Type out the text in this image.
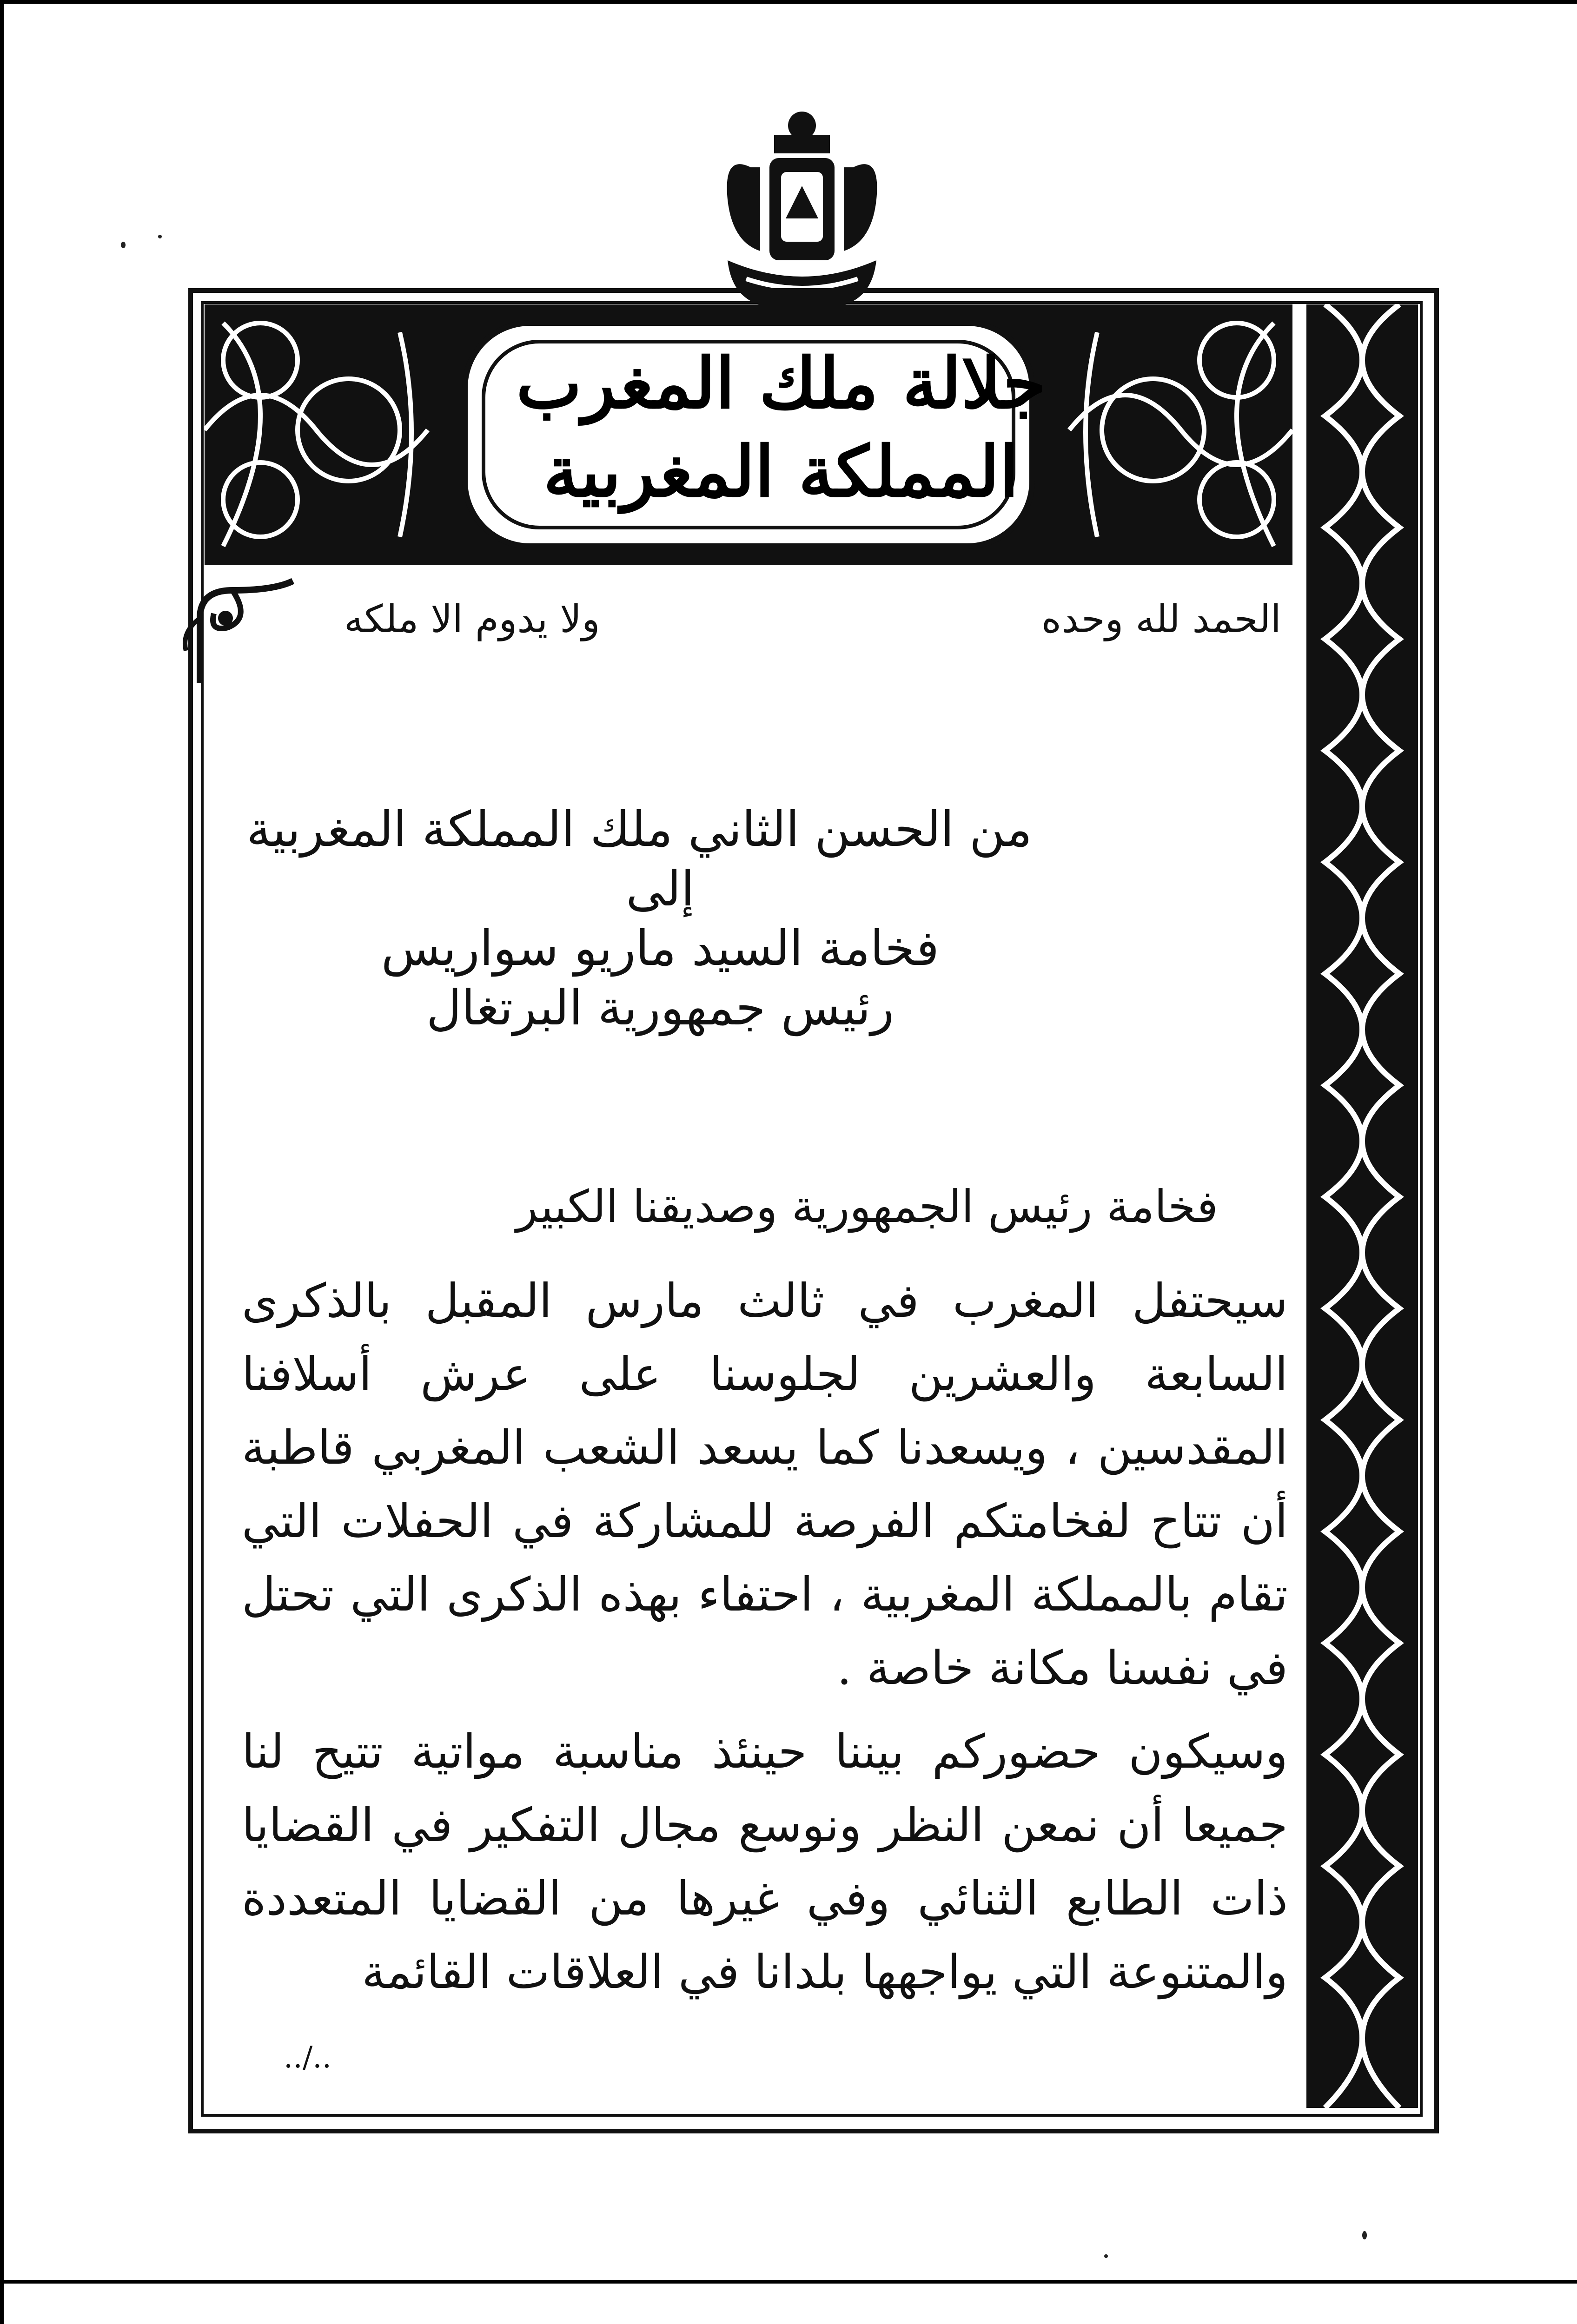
جلالة ملك المغرب
المملكة المغربية
الحمد لله وحده
ولا يدوم الا ملكه
من الحسن الثاني ملك المملكة المغربية
إلى
فخامة السيد ماريو سواريس
رئيس جمهورية البرتغال
فخامة رئيس الجمهورية وصديقنا الكبير

سيحتفل المغرب في ثالث مارس المقبل بالذكرى السابعة والعشرين لجلوسنا على عرش أسلافنا المقدسين ، ويسعدنا كما يسعد الشعب المغربي قاطبة أن تتاح لفخامتكم الفرصة للمشاركة في الحفلات التي تقام بالمملكة المغربية ، احتفاء بهذه الذكرى التي تحتل في نفسنا مكانة خاصة .

وسيكون حضوركم بيننا حينئذ مناسبة مواتية تتيح لنا جميعا أن نمعن النظر ونوسع مجال التفكير في القضايا ذات الطابع الثنائي وفي غيرها من القضايا المتعددة والمتنوعة التي يواجهها بلدانا في العلاقات القائمة

../..
